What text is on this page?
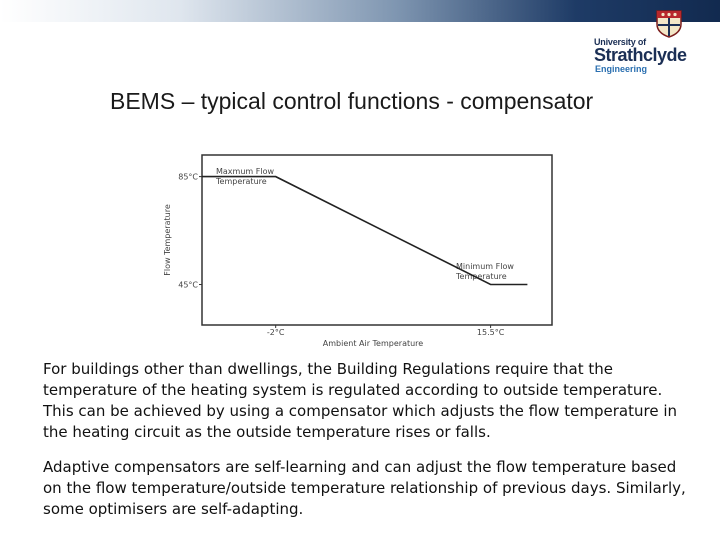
University of
Strathclyde
Engineering
BEMS – typical control functions - compensator
Flow Temperature
Ambient Air Temperature
Maxmum Flow
Temperature
Minimum Flow
Temperature
85°C
45°C
-2°C	15.5°C
For buildings other than dwellings, the Building Regulations require that the temperature of the heating system is regulated according to outside temperature. This can be achieved by using a compensator which adjusts the flow temperature in the heating circuit as the outside temperature rises or falls.
Adaptive compensators are self-learning and can adjust the flow temperature based on the flow temperature/outside temperature relationship of previous days. Similarly, some optimisers are self-adapting.
